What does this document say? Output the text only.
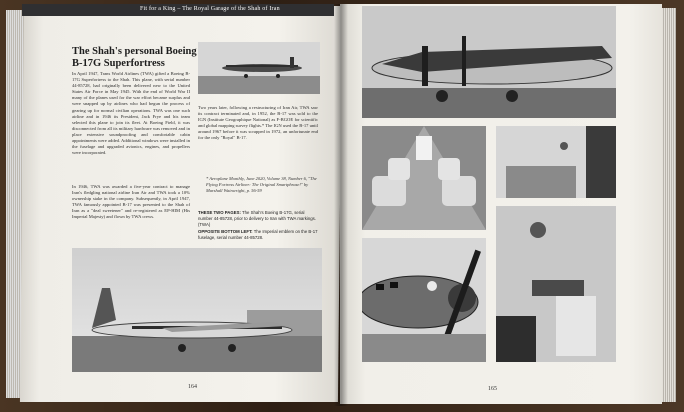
Fit for a King – The Royal Garage of the Shah of Iran
The Shah's personal Boeing B-17G Superfortress
In April 1947, Trans World Airlines (TWA) gifted a Boeing B-17G Superfortress to the Shah. This plane, with serial number 44-85728, had originally been delivered new to the United States Air Force in May 1945. With the end of World War II many of the planes used for the war effort became surplus and were snapped up by airlines who had begun the process of gearing up for normal civilian operations. TWA was one such airline and in 1946 its President, Jack Frye and his team selected this plane to join its fleet. At Boeing Field, it was disconnected from all its military hardware was removed and in place extensive soundproofing and comfortable cabin appointments were added. Additional windows were installed in the fuselage and upgraded avionics, engines, and propellers were incorporated.
In 1946, TWA was awarded a five-year contract to manage Iran's fledgling national airline Iran Air and TWA took a 10% ownership stake in the company. Subsequently, in April 1947, TWA famously appointed B-17 was presented to the Shah of Iran as a "deal sweetener" and re-registered as EP-HIM (His Imperial Majesty) and flown by TWA crews.
Two years later, following a restructuring of Iran Air, TWA saw its contract terminated and, in 1952, the B-17 was sold to the IGN (Institute Geographique National) as F-BGOE for scientific and global mapping survey flights.* The IGN used the B-17 until around 1967 before it was scrapped in 1972, an unfortunate end for the only "Royal" B-17.
* Aeroplane Monthly, June 2020, Volume 38, Number 6, "The Flying Fortress Airliner: The Original Smartphrase!" by Marshall Wainwright, p. 56-59
THESE TWO PAGES: The Shah's Boeing B-17G, serial number 44-85728, prior to delivery to Iran with TWA markings. (TWA)
OPPOSITE BOTTOM LEFT: The Imperial emblem on the B-17 fuselage, serial number 44-85728.
164	165
